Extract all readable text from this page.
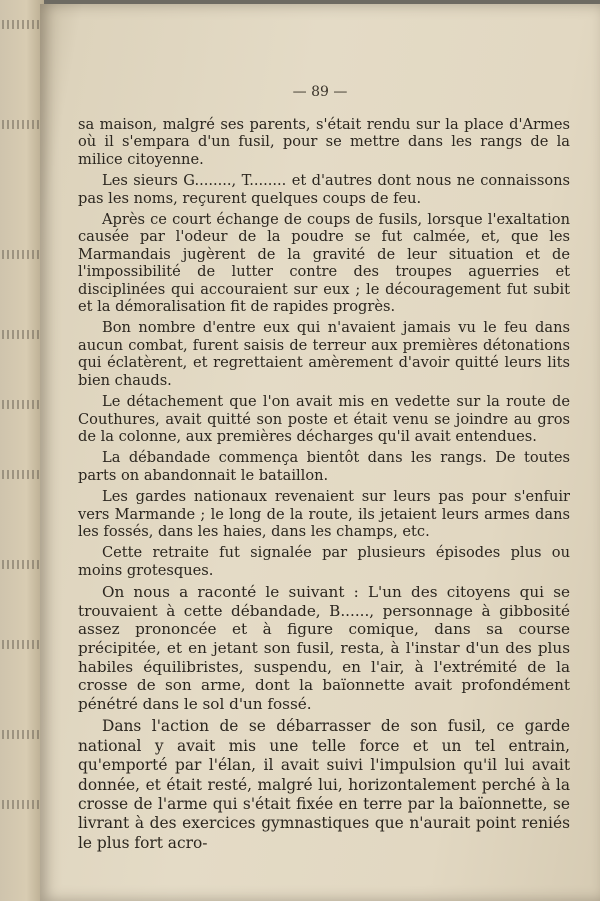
— 89 —

sa maison, malgré ses parents, s'était rendu sur la place d'Armes où il s'empara d'un fusil, pour se mettre dans les rangs de la milice citoyenne.

Les sieurs G........, T........ et d'autres dont nous ne connaissons pas les noms, reçurent quelques coups de feu.

Après ce court échange de coups de fusils, lorsque l'exaltation causée par l'odeur de la poudre se fut calmée, et, que les Marmandais jugèrent de la gravité de leur situation et de l'impossibilité de lutter contre des troupes aguerries et disciplinées qui accouraient sur eux ; le découragement fut subit et la démoralisation fit de rapides progrès.

Bon nombre d'entre eux qui n'avaient jamais vu le feu dans aucun combat, furent saisis de terreur aux premières détonations qui éclatèrent, et regrettaient amèrement d'avoir quitté leurs lits bien chauds.

Le détachement que l'on avait mis en vedette sur la route de Couthures, avait quitté son poste et était venu se joindre au gros de la colonne, aux premières décharges qu'il avait entendues.

La débandade commença bientôt dans les rangs. De toutes parts on abandonnait le bataillon.

Les gardes nationaux revenaient sur leurs pas pour s'enfuir vers Marmande ; le long de la route, ils jetaient leurs armes dans les fossés, dans les haies, dans les champs, etc.

Cette retraite fut signalée par plusieurs épisodes plus ou moins grotesques.

On nous a raconté le suivant : L'un des citoyens qui se trouvaient à cette débandade, B......, personnage à gibbosité assez prononcée et à figure comique, dans sa course précipitée, et en jetant son fusil, resta, à l'instar d'un des plus habiles équilibristes, suspendu, en l'air, à l'extrémité de la crosse de son arme, dont la baïonnette avait profondément pénétré dans le sol d'un fossé.

Dans l'action de se débarrasser de son fusil, ce garde national y avait mis une telle force et un tel entrain, qu'emporté par l'élan, il avait suivi l'impulsion qu'il lui avait donnée, et était resté, malgré lui, horizontalement perché à la crosse de l'arme qui s'était fixée en terre par la baïonnette, se livrant à des exercices gymnastiques que n'aurait point reniés le plus fort acro-
